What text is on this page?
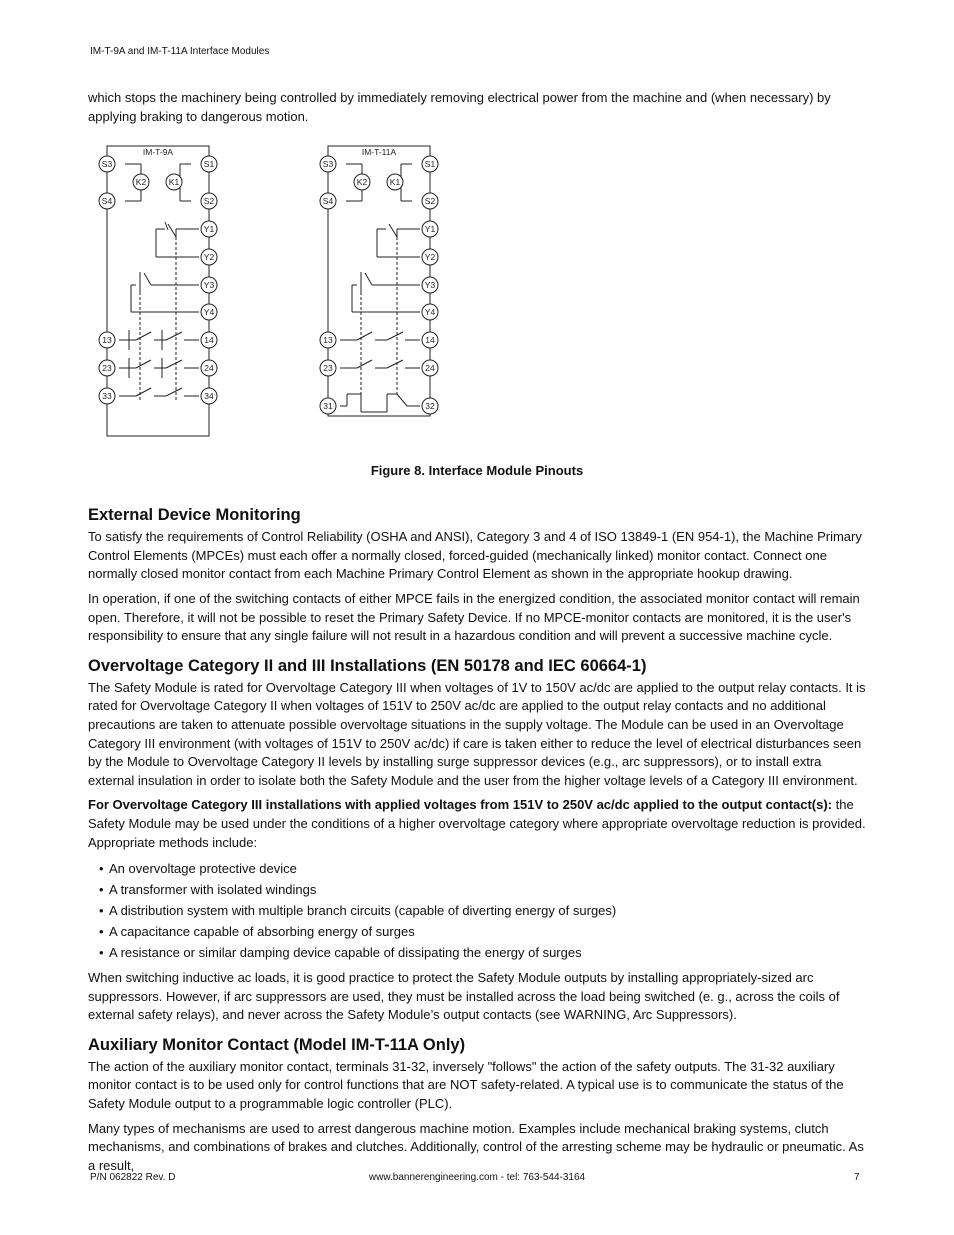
IM-T-9A and IM-T-11A Interface Modules

which stops the machinery being controlled by immediately removing electrical power from the machine and (when necessary) by applying braking to dangerous motion.

IM-T-9A
S3	S1
K2	K1
S4	S2
Y1
Y2
Y3
Y4
13	14
23	24
33	34
IM-T-11A
S3	S1
K2	K1
S4	S2
Y1
Y2
Y3
Y4
13	14
23	24
31	32
Figure 8. Interface Module Pinouts
External Device Monitoring

To satisfy the requirements of Control Reliability (OSHA and ANSI), Category 3 and 4 of ISO 13849-1 (EN 954-1), the Machine Primary Control Elements (MPCEs) must each offer a normally closed, forced-guided (mechanically linked) monitor contact. Connect one normally closed monitor contact from each Machine Primary Control Element as shown in the appropriate hookup drawing.

In operation, if one of the switching contacts of either MPCE fails in the energized condition, the associated monitor contact will remain open. Therefore, it will not be possible to reset the Primary Safety Device. If no MPCE-monitor contacts are monitored, it is the user's responsibility to ensure that any single failure will not result in a hazardous condition and will prevent a successive machine cycle.

Overvoltage Category II and III Installations (EN 50178 and IEC 60664-1)

The Safety Module is rated for Overvoltage Category III when voltages of 1V to 150V ac/dc are applied to the output relay contacts. It is rated for Overvoltage Category II when voltages of 151V to 250V ac/dc are applied to the output relay contacts and no additional precautions are taken to attenuate possible overvoltage situations in the supply voltage. The Module can be used in an Overvoltage Category III environment (with voltages of 151V to 250V ac/dc) if care is taken either to reduce the level of electrical disturbances seen by the Module to Overvoltage Category II levels by installing surge suppressor devices (e.g., arc suppressors), or to install extra external insulation in order to isolate both the Safety Module and the user from the higher voltage levels of a Category III environment.

For Overvoltage Category III installations with applied voltages from 151V to 250V ac/dc applied to the output contact(s): the Safety Module may be used under the conditions of a higher overvoltage category where appropriate overvoltage reduction is provided. Appropriate methods include:

• An overvoltage protective device
• A transformer with isolated windings
• A distribution system with multiple branch circuits (capable of diverting energy of surges)
• A capacitance capable of absorbing energy of surges
• A resistance or similar damping device capable of dissipating the energy of surges

When switching inductive ac loads, it is good practice to protect the Safety Module outputs by installing appropriately-sized arc suppressors. However, if arc suppressors are used, they must be installed across the load being switched (e. g., across the coils of external safety relays), and never across the Safety Module’s output contacts (see WARNING, Arc Suppressors).

Auxiliary Monitor Contact (Model IM-T-11A Only)

The action of the auxiliary monitor contact, terminals 31-32, inversely "follows" the action of the safety outputs. The 31-32 auxiliary monitor contact is to be used only for control functions that are NOT safety-related. A typical use is to communicate the status of the Safety Module output to a programmable logic controller (PLC).

Many types of mechanisms are used to arrest dangerous machine motion. Examples include mechanical braking systems, clutch mechanisms, and combinations of brakes and clutches. Additionally, control of the arresting scheme may be hydraulic or pneumatic. As a result,

P/N 062822 Rev. D	www.bannerengineering.com - tel: 763-544-3164	7
